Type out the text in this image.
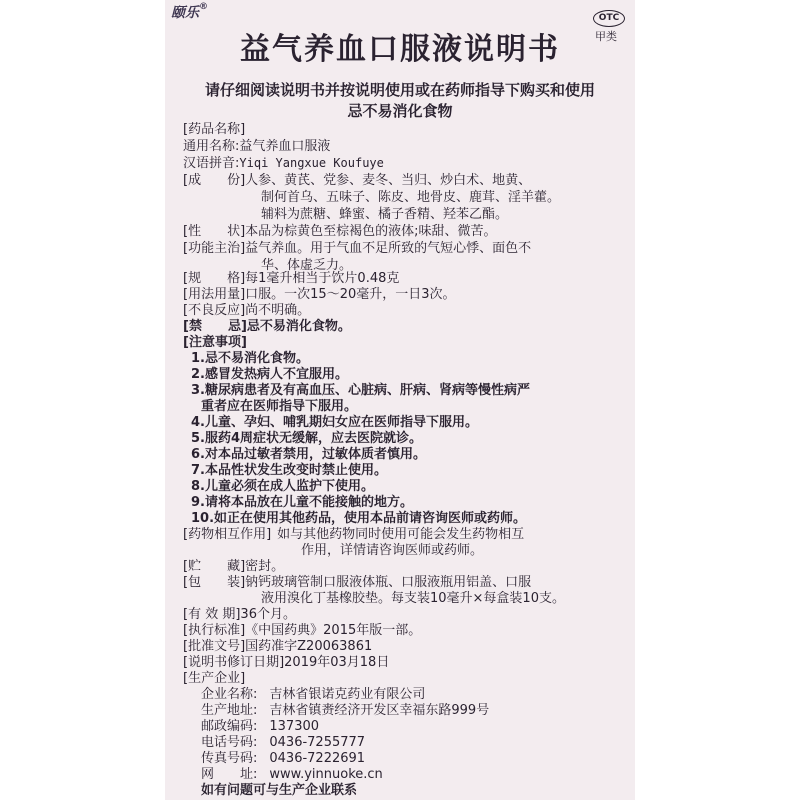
颐乐®
OTC
甲类
益气养血口服液说明书
请仔细阅读说明书并按说明使用或在药师指导下购买和使用
忌不易消化食物
[药品名称]
通用名称:益气养血口服液
汉语拼音:Yiqi Yangxue Koufuye
[成　　份]人参、黄芪、党参、麦冬、当归、炒白术、地黄、
制何首乌、五味子、陈皮、地骨皮、鹿茸、淫羊藿。
辅料为蔗糖、蜂蜜、橘子香精、羟苯乙酯。
[性　　状]本品为棕黄色至棕褐色的液体;味甜、微苦。
[功能主治]益气养血。用于气血不足所致的气短心悸、面色不
华、体虚乏力。
[规　　格]每1毫升相当于饮片0.48克
[用法用量]口服。一次15～20毫升，一日3次。
[不良反应]尚不明确。
[禁　　忌]忌不易消化食物。
[注意事项]
1.忌不易消化食物。
2.感冒发热病人不宜服用。
3.糖尿病患者及有高血压、心脏病、肝病、肾病等慢性病严
重者应在医师指导下服用。
4.儿童、孕妇、哺乳期妇女应在医师指导下服用。
5.服药4周症状无缓解，应去医院就诊。
6.对本品过敏者禁用，过敏体质者慎用。
7.本品性状发生改变时禁止使用。
8.儿童必须在成人监护下使用。
9.请将本品放在儿童不能接触的地方。
10.如正在使用其他药品，使用本品前请咨询医师或药师。
[药物相互作用] 如与其他药物同时使用可能会发生药物相互
作用，详情请咨询医师或药师。
[贮　　藏]密封。
[包　　装]钠钙玻璃管制口服液体瓶、口服液瓶用铝盖、口服
液用溴化丁基橡胶垫。每支装10毫升×每盒装10支。
[有 效 期]36个月。
[执行标准]《中国药典》2015年版一部。
[批准文号]国药准字Z20063861
[说明书修订日期]2019年03月18日
[生产企业]
企业名称: 吉林省银诺克药业有限公司
生产地址: 吉林省镇赉经济开发区幸福东路999号
邮政编码: 137300
电话号码: 0436-7255777
传真号码: 0436-7222691
网　　址: www.yinnuoke.cn
如有问题可与生产企业联系
